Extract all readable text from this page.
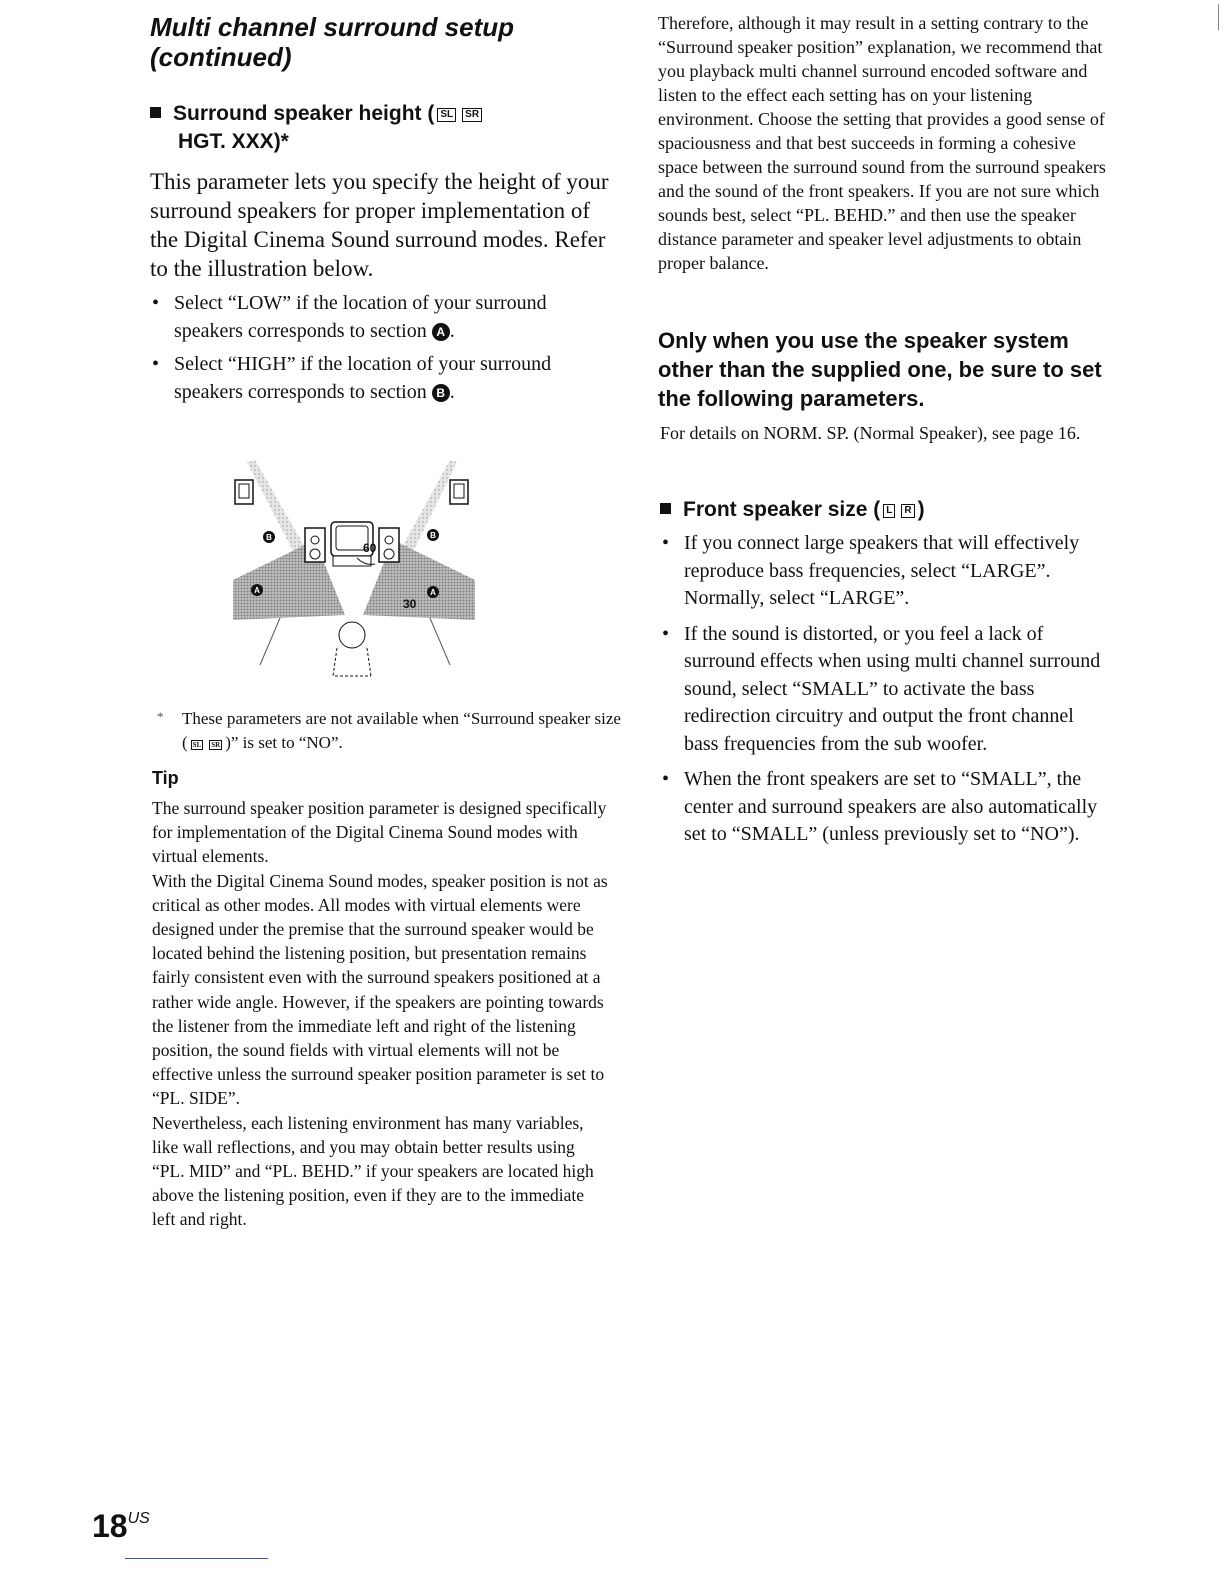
Multi channel surround setup
(continued)
Surround speaker height ( SL SR
HGT. XXX)*

This parameter lets you specify the height of your surround speakers for proper implementation of the Digital Cinema Sound surround modes. Refer to the illustration below.

• Select “LOW” if the location of your surround speakers corresponds to section A .
• Select “HIGH” if the location of your surround speakers corresponds to section B .
B	B
A	A
60
30
* These parameters are not available when “Surround speaker size ( SL SR )” is set to “NO”.
Tip

The surround speaker position parameter is designed specifically for implementation of the Digital Cinema Sound modes with virtual elements.

With the Digital Cinema Sound modes, speaker position is not as critical as other modes. All modes with virtual elements were designed under the premise that the surround speaker would be located behind the listening position, but presentation remains fairly consistent even with the surround speakers positioned at a rather wide angle. However, if the speakers are pointing towards the listener from the immediate left and right of the listening position, the sound fields with virtual elements will not be effective unless the surround speaker position parameter is set to “PL. SIDE”.

Nevertheless, each listening environment has many variables, like wall reflections, and you may obtain better results using “PL. MID” and “PL. BEHD.” if your speakers are located high above the listening position, even if they are to the immediate left and right.

Therefore, although it may result in a setting contrary to the “Surround speaker position” explanation, we recommend that you playback multi channel surround encoded software and listen to the effect each setting has on your listening environment. Choose the setting that provides a good sense of spaciousness and that best succeeds in forming a cohesive space between the surround sound from the surround speakers and the sound of the front speakers. If you are not sure which sounds best, select “PL. BEHD.” and then use the speaker distance parameter and speaker level adjustments to obtain proper balance.

Only when you use the speaker system other than the supplied one, be sure to set the following parameters.

For details on NORM. SP. (Normal Speaker), see page 16.

Front speaker size ( L R )
• If you connect large speakers that will effectively reproduce bass frequencies, select “LARGE”. Normally, select “LARGE”.
• If the sound is distorted, or you feel a lack of surround effects when using multi channel surround sound, select “SMALL” to activate the bass redirection circuitry and output the front channel bass frequencies from the sub woofer.
• When the front speakers are set to “SMALL”, the center and surround speakers are also automatically set to “SMALL” (unless previously set to “NO”).
$18^{US}$
